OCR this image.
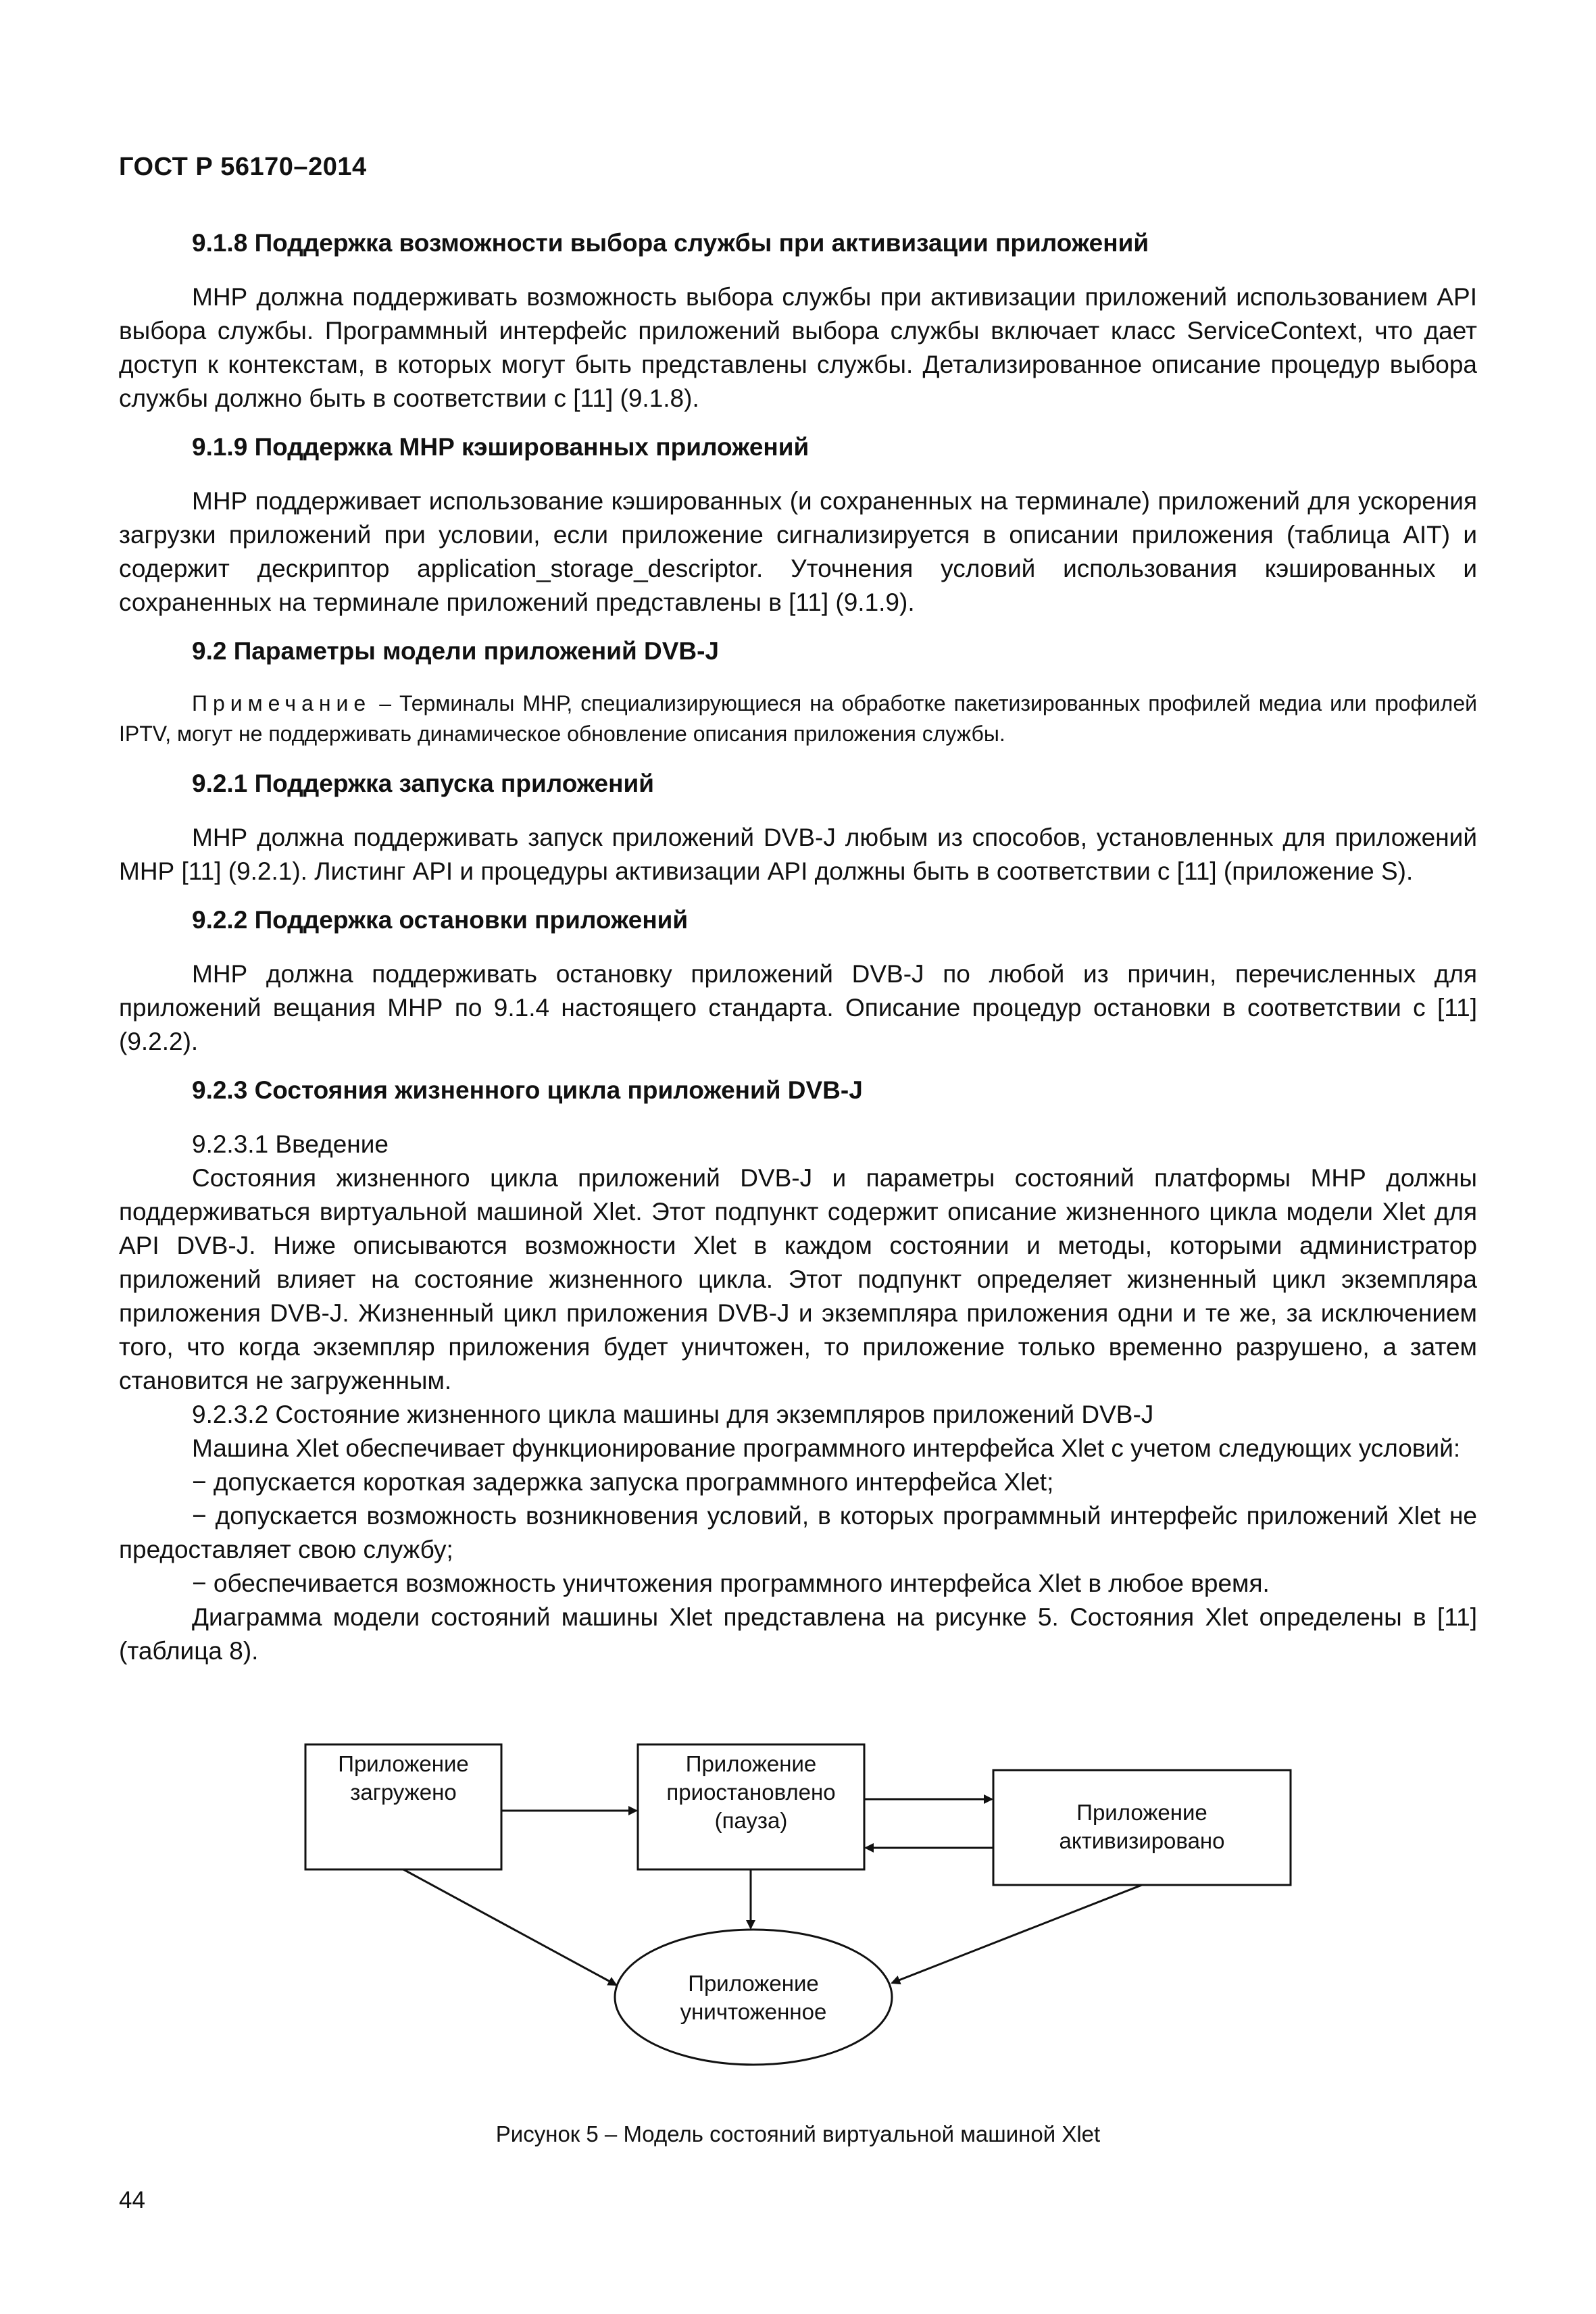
ГОСТ Р 56170–2014
9.1.8 Поддержка возможности выбора службы при активизации приложений
МНР должна поддерживать возможность выбора службы при активизации приложений использованием API выбора службы. Программный интерфейс приложений выбора службы включает класс ServiceContext, что дает доступ к контекстам, в которых могут быть представлены службы. Детализированное описание процедур выбора службы должно быть в соответствии с [11] (9.1.8).
9.1.9 Поддержка МНР кэшированных приложений
МНР поддерживает использование кэшированных (и сохраненных на терминале) приложений для ускорения загрузки приложений при условии, если приложение сигнализируется в описании приложения (таблица AIT) и содержит дескриптор application_storage_descriptor. Уточнения условий использования кэшированных и сохраненных на терминале приложений представлены в [11] (9.1.9).
9.2 Параметры модели приложений DVB-J
Примечание – Терминалы МНР, специализирующиеся на обработке пакетизированных профилей медиа или профилей IPTV, могут не поддерживать динамическое обновление описания приложения службы.
9.2.1 Поддержка запуска приложений
МНР должна поддерживать запуск приложений DVB-J любым из способов, установленных для приложений МНР [11] (9.2.1). Листинг API и процедуры активизации API должны быть в соответствии с [11] (приложение S).
9.2.2 Поддержка остановки приложений
МНР должна поддерживать остановку приложений DVB-J по любой из причин, перечисленных для приложений вещания МНР по 9.1.4 настоящего стандарта. Описание процедур остановки в соответствии с [11] (9.2.2).
9.2.3 Состояния жизненного цикла приложений DVB-J
9.2.3.1 Введение
Состояния жизненного цикла приложений DVB-J и параметры состояний платформы МНР должны поддерживаться виртуальной машиной Xlet. Этот подпункт содержит описание жизненного цикла модели Xlet для API DVB-J. Ниже описываются возможности Xlet в каждом состоянии и методы, которыми администратор приложений влияет на состояние жизненного цикла. Этот подпункт определяет жизненный цикл экземпляра приложения DVB-J. Жизненный цикл приложения DVB-J и экземпляра приложения одни и те же, за исключением того, что когда экземпляр приложения будет уничтожен, то приложение только временно разрушено, а затем становится не загруженным.
9.2.3.2 Состояние жизненного цикла машины для экземпляров приложений DVB-J
Машина Xlet обеспечивает функционирование программного интерфейса Xlet с учетом следующих условий:
− допускается короткая задержка запуска программного интерфейса Xlet;
− допускается возможность возникновения условий, в которых программный интерфейс приложений Xlet не предоставляет свою службу;
− обеспечивается возможность уничтожения программного интерфейса Xlet в любое время.
Диаграмма модели состояний машины Xlet представлена на рисунке 5. Состояния Xlet определены в [11] (таблица 8).
Приложение загружено
Приложение приостановлено (пауза)	Приложение активизировано
Приложение уничтоженное
Рисунок 5 – Модель состояний виртуальной машиной Xlet
44
